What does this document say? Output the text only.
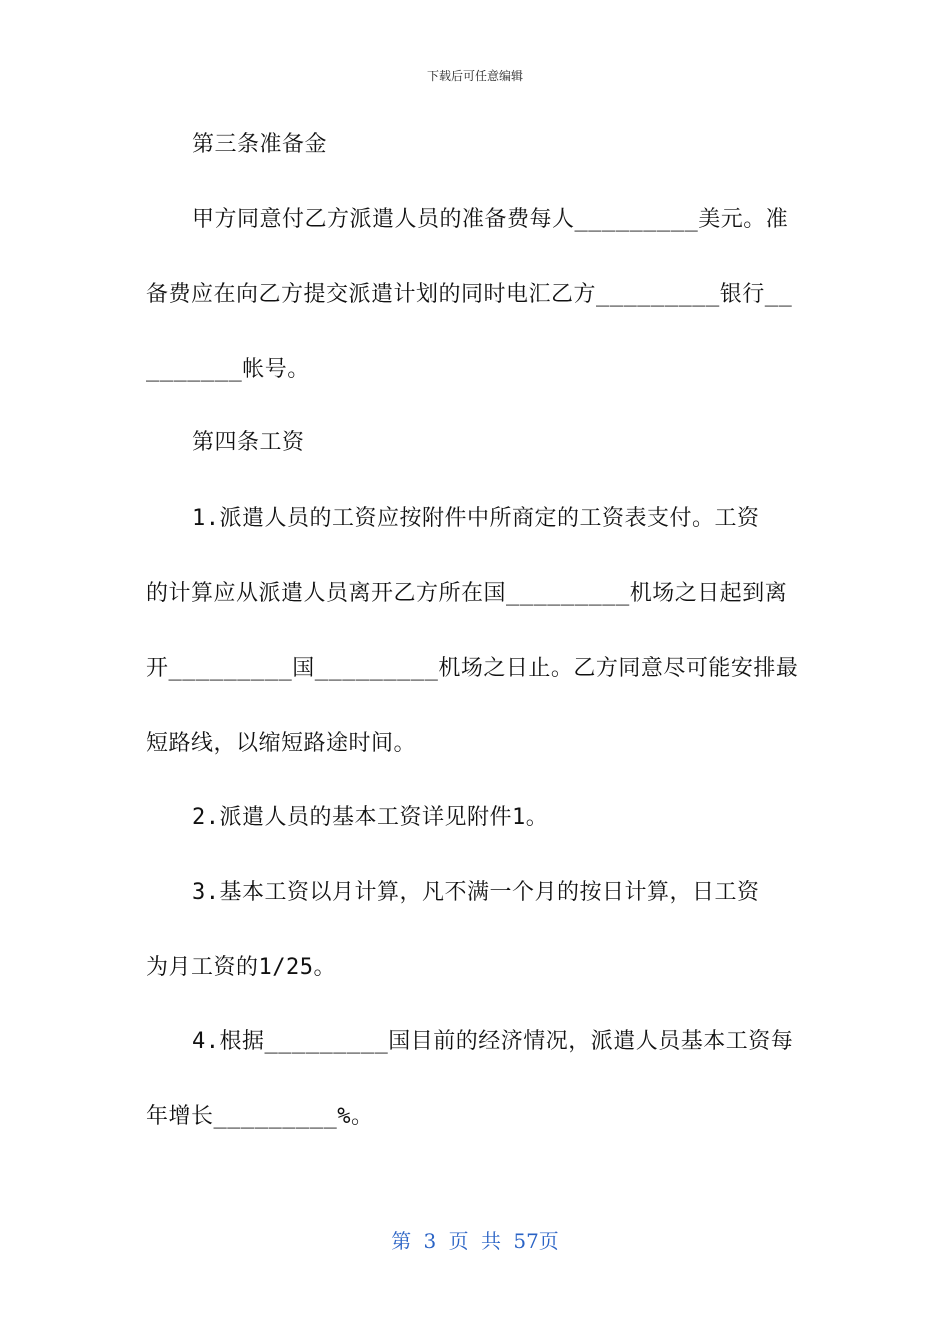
下载后可任意编辑
第三条准备金
甲方同意付乙方派遣人员的准备费每人_________美元。准
备费应在向乙方提交派遣计划的同时电汇乙方_________银行__
_______帐号。
第四条工资
1.派遣人员的工资应按附件中所商定的工资表支付。工资
的计算应从派遣人员离开乙方所在国_________机场之日起到离
开_________国_________机场之日止。乙方同意尽可能安排最
短路线，以缩短路途时间。
2.派遣人员的基本工资详见附件1。
3.基本工资以月计算，凡不满一个月的按日计算，日工资
为月工资的1/25。
4.根据_________国目前的经济情况，派遣人员基本工资每
年增长_________%。
第 3 页 共 57页
